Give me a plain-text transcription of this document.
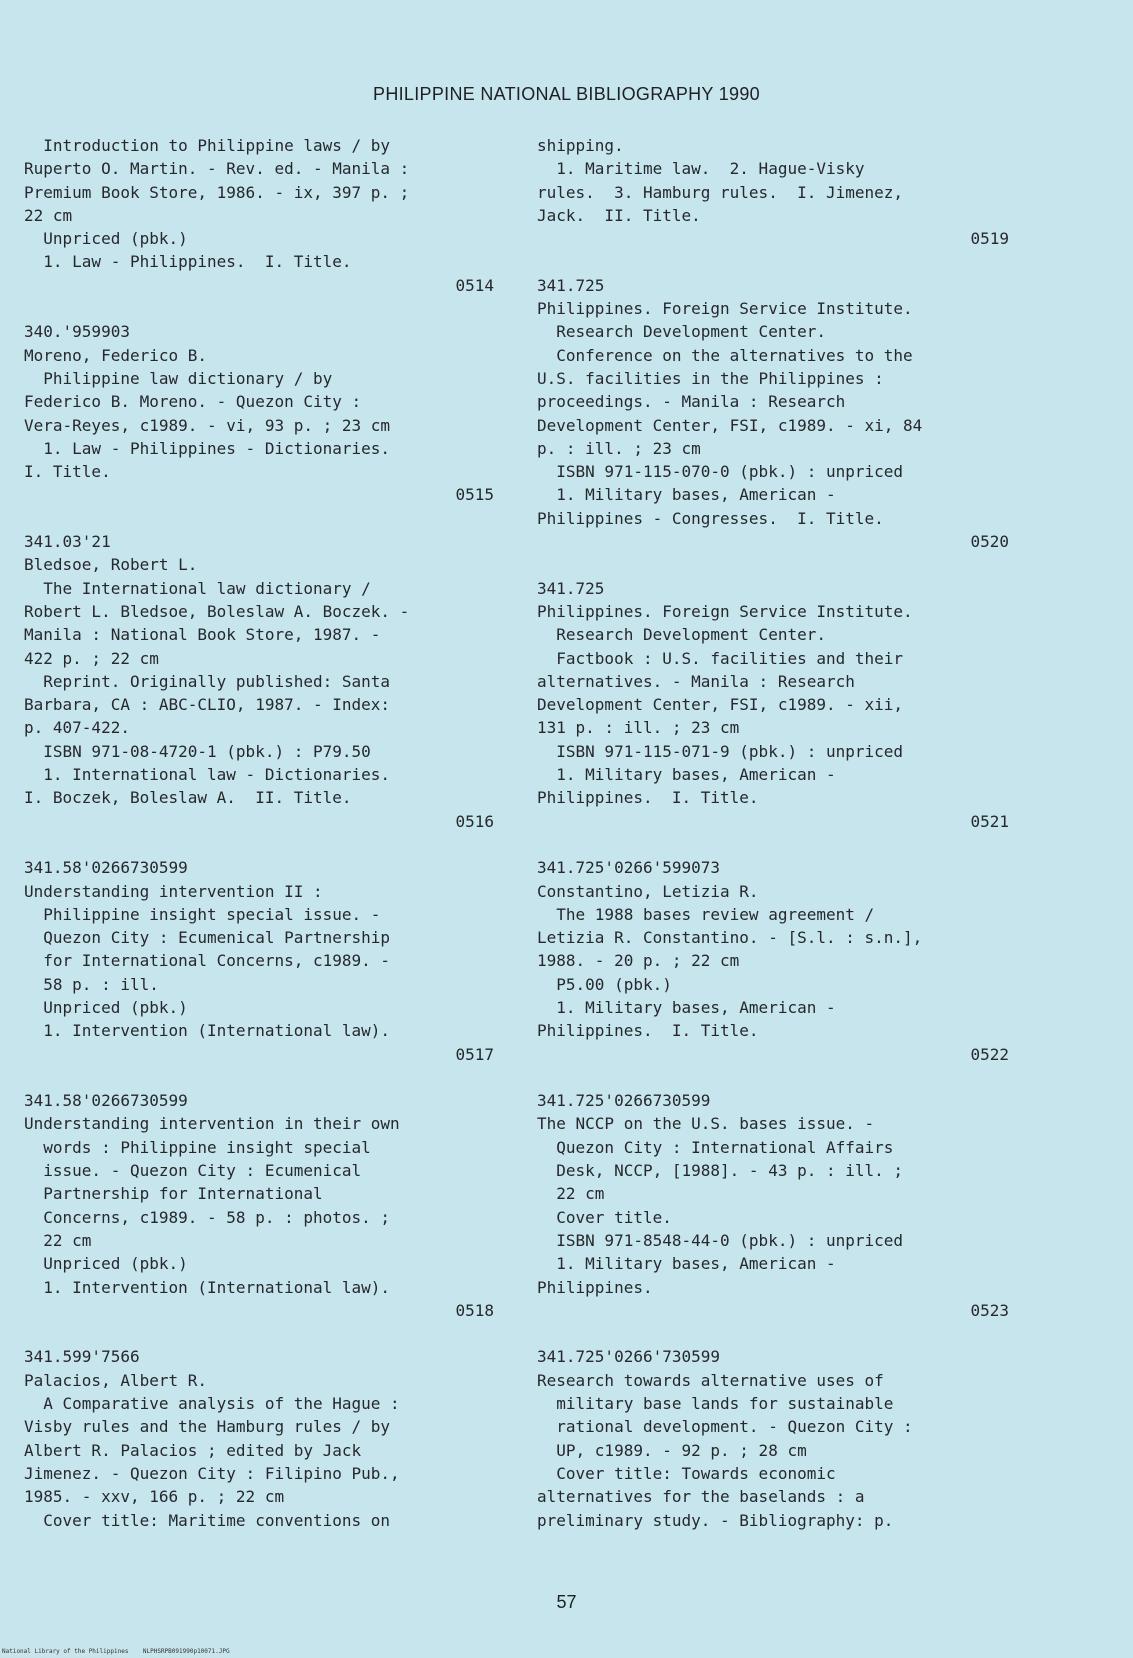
PHILIPPINE NATIONAL BIBLIOGRAPHY 1990
Introduction to Philippine laws / by
Ruperto O. Martin. - Rev. ed. - Manila :
Premium Book Store, 1986. - ix, 397 p. ;
22 cm
Unpriced (pbk.)
1. Law - Philippines.  I. Title.
0514
340.'959903
Moreno, Federico B.
Philippine law dictionary / by
Federico B. Moreno. - Quezon City :
Vera-Reyes, c1989. - vi, 93 p. ; 23 cm
1. Law - Philippines - Dictionaries.
I. Title.
0515
341.03'21
Bledsoe, Robert L.
The International law dictionary /
Robert L. Bledsoe, Boleslaw A. Boczek. -
Manila : National Book Store, 1987. -
422 p. ; 22 cm
Reprint. Originally published: Santa
Barbara, CA : ABC-CLIO, 1987. - Index:
p. 407-422.
ISBN 971-08-4720-1 (pbk.) : P79.50
1. International law - Dictionaries.
I. Boczek, Boleslaw A.  II. Title.
0516
341.58'0266730599
Understanding intervention II :
Philippine insight special issue. -
Quezon City : Ecumenical Partnership
for International Concerns, c1989. -
58 p. : ill.
Unpriced (pbk.)
1. Intervention (International law).
0517
341.58'0266730599
Understanding intervention in their own
words : Philippine insight special
issue. - Quezon City : Ecumenical
Partnership for International
Concerns, c1989. - 58 p. : photos. ;
22 cm
Unpriced (pbk.)
1. Intervention (International law).
0518
341.599'7566
Palacios, Albert R.
A Comparative analysis of the Hague :
Visby rules and the Hamburg rules / by
Albert R. Palacios ; edited by Jack
Jimenez. - Quezon City : Filipino Pub.,
1985. - xxv, 166 p. ; 22 cm
Cover title: Maritime conventions on
shipping.
1. Maritime law.  2. Hague-Visky
rules.  3. Hamburg rules.  I. Jimenez,
Jack.  II. Title.
0519
341.725
Philippines. Foreign Service Institute.
Research Development Center.
Conference on the alternatives to the
U.S. facilities in the Philippines :
proceedings. - Manila : Research
Development Center, FSI, c1989. - xi, 84
p. : ill. ; 23 cm
ISBN 971-115-070-0 (pbk.) : unpriced
1. Military bases, American -
Philippines - Congresses.  I. Title.
0520
341.725
Philippines. Foreign Service Institute.
Research Development Center.
Factbook : U.S. facilities and their
alternatives. - Manila : Research
Development Center, FSI, c1989. - xii,
131 p. : ill. ; 23 cm
ISBN 971-115-071-9 (pbk.) : unpriced
1. Military bases, American -
Philippines.  I. Title.
0521
341.725'0266'599073
Constantino, Letizia R.
The 1988 bases review agreement /
Letizia R. Constantino. - [S.l. : s.n.],
1988. - 20 p. ; 22 cm
P5.00 (pbk.)
1. Military bases, American -
Philippines.  I. Title.
0522
341.725'0266730599
The NCCP on the U.S. bases issue. -
Quezon City : International Affairs
Desk, NCCP, [1988]. - 43 p. : ill. ;
22 cm
Cover title.
ISBN 971-8548-44-0 (pbk.) : unpriced
1. Military bases, American -
Philippines.
0523
341.725'0266'730599
Research towards alternative uses of
military base lands for sustainable
rational development. - Quezon City :
UP, c1989. - 92 p. ; 28 cm
Cover title: Towards economic
alternatives for the baselands : a
preliminary study. - Bibliography: p.
57
National Library of the Philippines    NLPHSRPB091990p10071.JPG
